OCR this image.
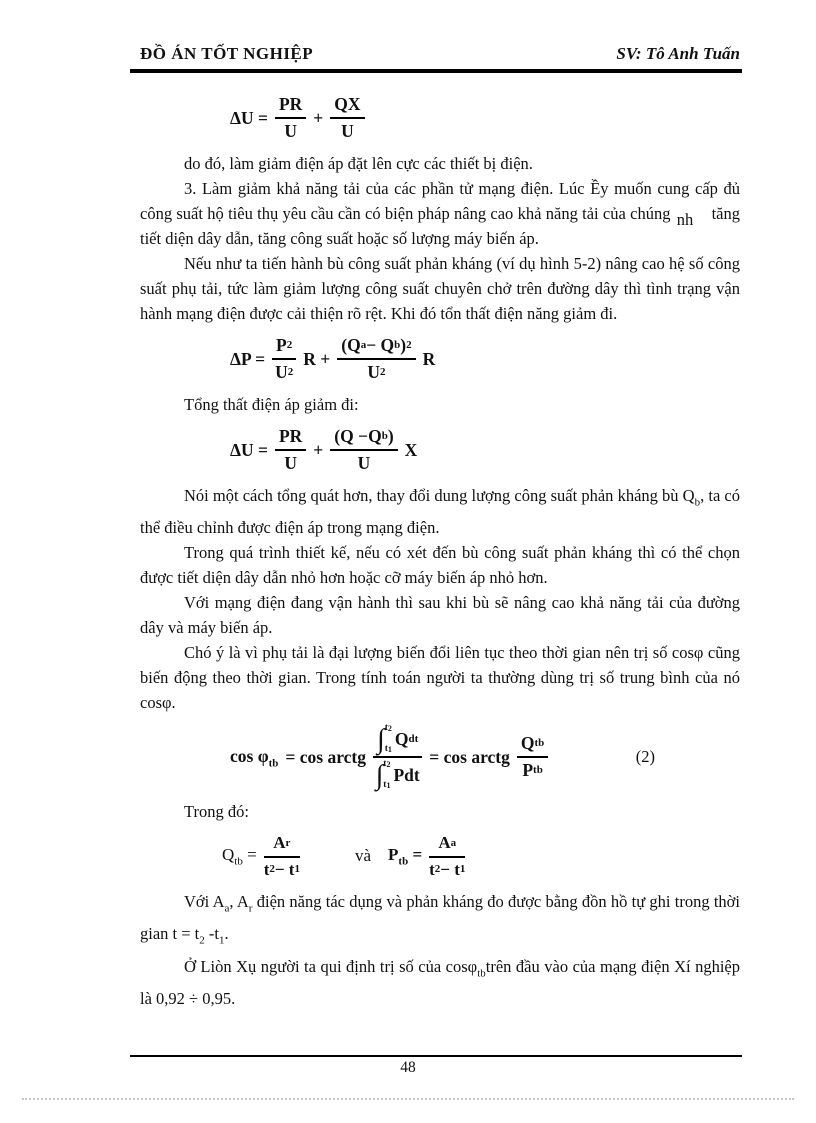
ĐỒ ÁN TỐT NGHIỆP	SV: Tô Anh Tuấn
$\Delta U = \frac{PR}{U} + \frac{QX}{U}$

do đó, làm giảm điện áp đặt lên cực các thiết bị điện.

3. Làm giảm khả năng tải của các phần tử mạng điện. Lúc Ềy muốn cung cấp đủ công suất hộ tiêu thụ yêu cầu cần có biện pháp nâng cao khả năng tải của chúng nh tăng tiết diện dây dẫn, tăng công suất hoặc số lượng máy biến áp.

Nếu như ta tiến hành bù công suất phản kháng (ví dụ hình 5-2) nâng cao hệ số công suất phụ tải, tức làm giảm lượng công suất chuyên chở trên đường dây thì tình trạng vận hành mạng điện được cải thiện rõ rệt. Khi đó tổn thất điện năng giảm đi.

$\Delta P = \frac{P 2}{U 2}$ $R + \frac{\text{(Q a − Q b ) 2}}{U 2}$ R

Tổng thất điện áp giảm đi:

$\Delta U = \frac{PR}{U} + \frac{\text{(Q −Q b )}}{U}$ X

Nói một cách tổng quát hơn, thay đổi dung lượng công suất phản kháng bù $Q_b$, ta có thể điều chỉnh được điện áp trong mạng điện.

Trong quá trình thiết kế, nếu có xét đến bù công suất phản kháng thì có thể chọn được tiết diện dây dẫn nhỏ hơn hoặc cỡ máy biến áp nhỏ hơn.

Với mạng điện đang vận hành thì sau khi bù sẽ nâng cao khả năng tải của đường dây và máy biến áp.

Chó ý là vì phụ tải là đại lượng biến đổi liên tục theo thời gian nên trị số cosφ cũng biến động theo thời gian. Trong tính toán người ta thường dùng trị số trung bình của nó cosφ.

$\cos \varphi_{tb} = \cos$ arctg
∫ t2
t1
Q dt
∫ t2
t1
Pdt
= cos arctg $\frac{\text{Q tb}}{\text{P tb}}$	(2)

Trong đó:

$Q_{tb} = \frac{\text{A r}}{t 2 - t 1}$	và $P_{tb} = \frac{\text{A a}}{t 2 - t 1}$

Với $A_a$, $A_r$ điện năng tác dụng và phản kháng đo được bằng đồn hồ tự ghi trong thời gian $t = t_2$ $-t_1$.

Ở Liòn Xụ người ta qui định trị số của cosφ$_{tb}$trên đầu vào của mạng điện Xí nghiệp là 0,92 ÷ 0,95.

48
